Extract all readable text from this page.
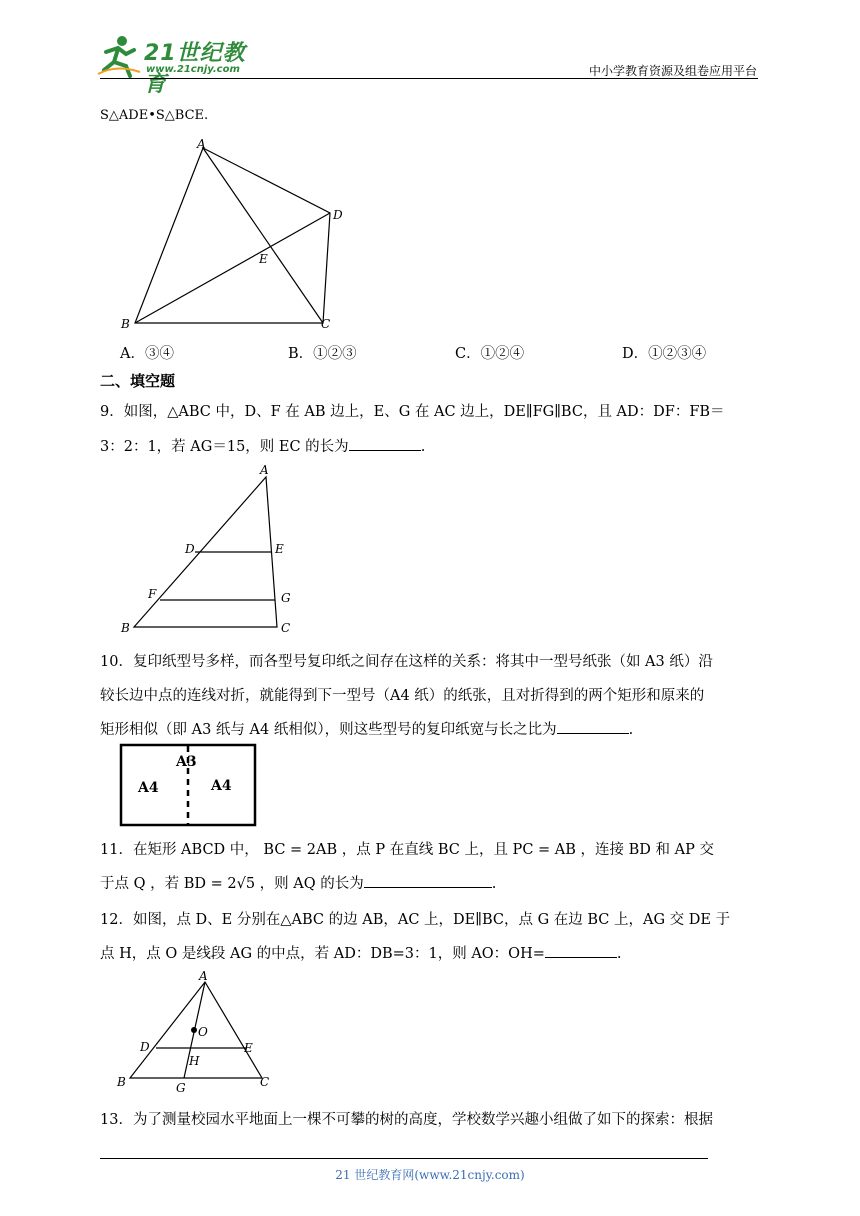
21世纪教育
www.21cnjy.com	中小学教育资源及组卷应用平台
S△ADE•S△BCE.
A
D
E
B	C
A．③④	B．①②③	C．①②④	D．①②③④
二、填空题
9．如图，△ABC 中，D、F 在 AB 边上，E、G 在 AC 边上，DE∥FG∥BC，且 AD：DF：FB＝
3：2：1，若 AG＝15，则 EC 的长为	.
A
D	E
F	G
B	C
10．复印纸型号多样，而各型号复印纸之间存在这样的关系：将其中一型号纸张（如 A3 纸）沿
较长边中点的连线对折，就能得到下一型号（A4 纸）的纸张，且对折得到的两个矩形和原来的
矩形相似（即 A3 纸与 A4 纸相似），则这些型号的复印纸宽与长之比为	.
A3
A4	A4
11．在矩形 ABCD 中， BC = 2AB ，点 P 在直线 BC 上，且 PC = AB ，连接 BD 和 AP 交
于点 Q ，若 BD = 2√5 ，则 AQ 的长为	.
12．如图，点 D、E 分别在△ABC 的边 AB，AC 上，DE∥BC，点 G 在边 BC 上，AG 交 DE 于
点 H，点 O 是线段 AG 的中点，若 AD：DB=3：1，则 AO：OH=	.
A
O
D
H
E
B	G	C
13．为了测量校园水平地面上一棵不可攀的树的高度，学校数学兴趣小组做了如下的探索：根据
21 世纪教育网(www.21cnjy.com)
